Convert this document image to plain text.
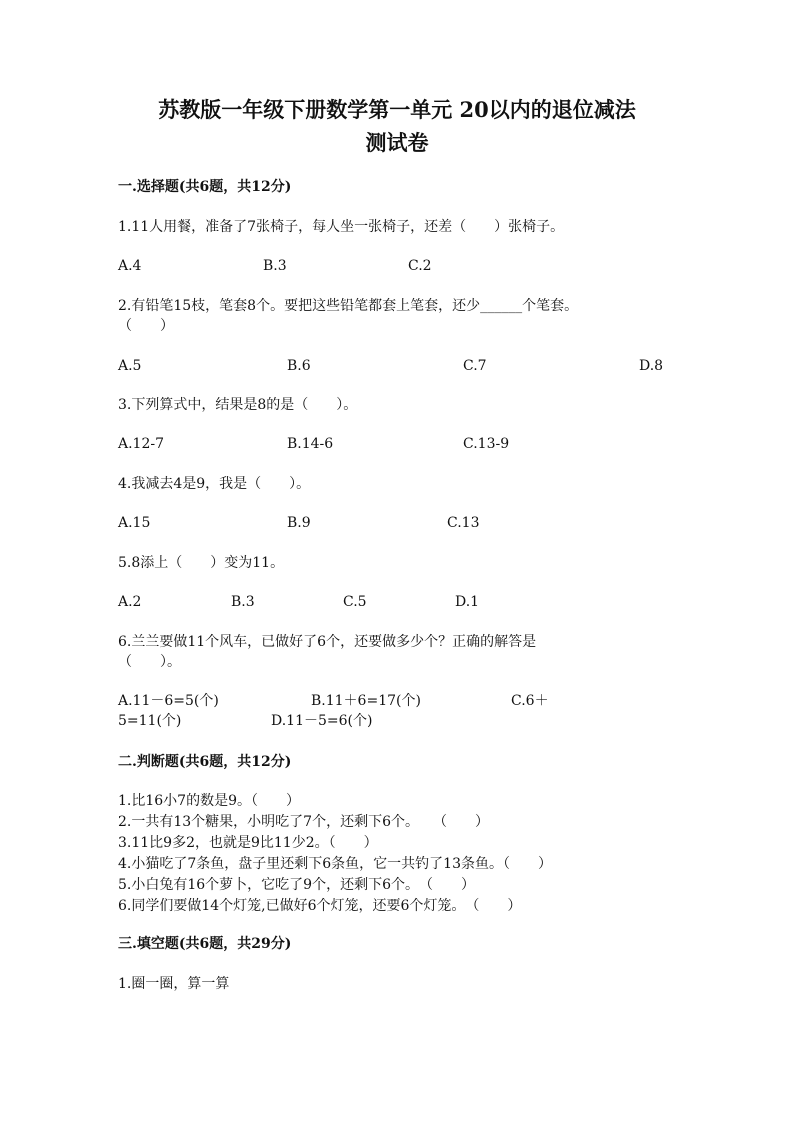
苏教版一年级下册数学第一单元 20以内的退位减法
测试卷
一.选择题(共6题，共12分)
1.11人用餐，准备了7张椅子，每人坐一张椅子，还差（　　）张椅子。
A.4	B.3	C.2
2.有铅笔15枝，笔套8个。要把这些铅笔都套上笔套，还少______个笔套。
（　　）
A.5	B.6	C.7	D.8
3.下列算式中，结果是8的是（　　）。
A.12-7	B.14-6	C.13-9
4.我减去4是9，我是（　　）。
A.15	B.9	C.13
5.8添上（　　）变为11。
A.2	B.3	C.5	D.1
6.兰兰要做11个风车，已做好了6个，还要做多少个？正确的解答是
（　　）。
A.11－6=5(个)	B.11＋6=17(个)	C.6＋
5=11(个)	D.11－5=6(个)
二.判断题(共6题，共12分)
1.比16小7的数是9。（　　）
2.一共有13个糖果，小明吃了7个，还剩下6个。　　（　　）
3.11比9多2，也就是9比11少2。（　　）
4.小猫吃了7条鱼，盘子里还剩下6条鱼，它一共钓了13条鱼。（　　）
5.小白兔有16个萝卜，它吃了9个，还剩下6个。　（　　）
6.同学们要做14个灯笼,已做好6个灯笼，还要6个灯笼。　（　　）
三.填空题(共6题，共29分)
1.圈一圈，算一算
